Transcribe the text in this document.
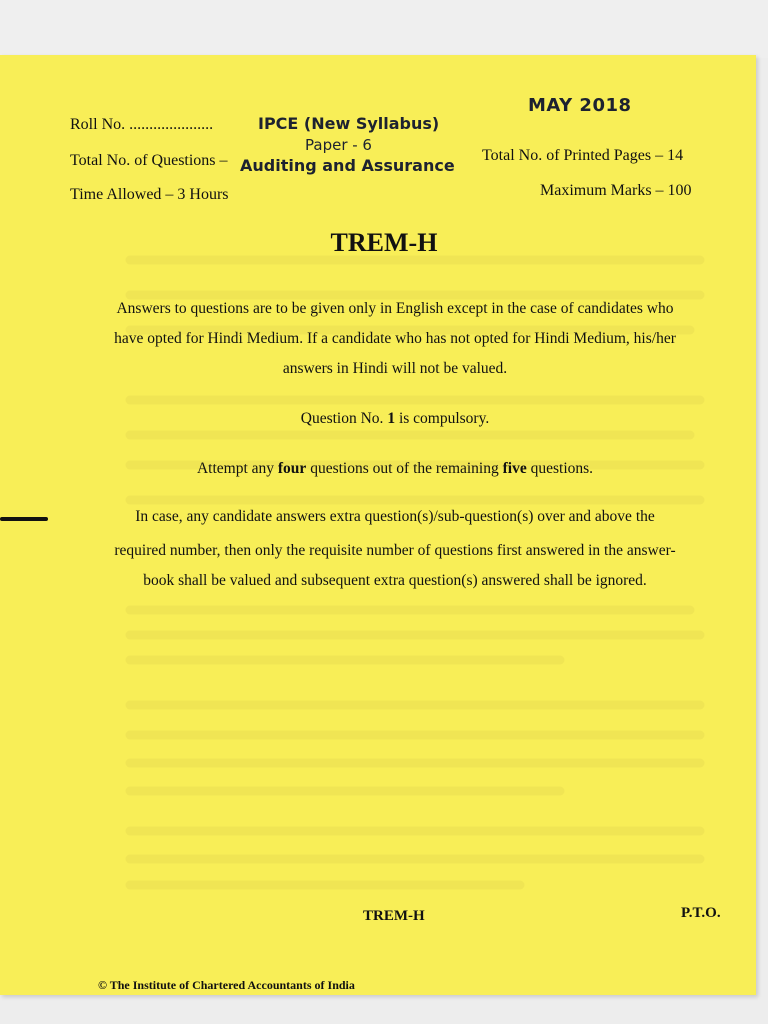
Roll No. .....................	IPCE (New Syllabus)
Paper - 6
Auditing and Assurance
MAY 2018
Total No. of Questions –	Total No. of Printed Pages – 14
Time Allowed – 3 Hours	Maximum Marks – 100
TREM-H
Answers to questions are to be given only in English except in the case of candidates who
have opted for Hindi Medium. If a candidate who has not opted for Hindi Medium, his/her
answers in Hindi will not be valued.
Question No. 1 is compulsory.
Attempt any four questions out of the remaining five questions.
In case, any candidate answers extra question(s)/sub-question(s) over and above the
required number, then only the requisite number of questions first answered in the answer-
book shall be valued and subsequent extra question(s) answered shall be ignored.
TREM-H	P.T.O.
© The Institute of Chartered Accountants of India
